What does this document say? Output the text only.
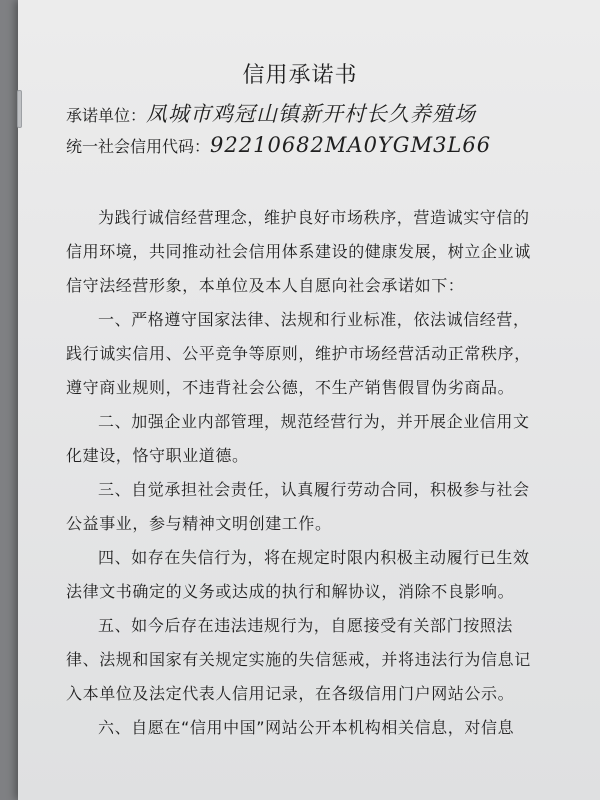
信用承诺书
承诺单位：凤城市鸡冠山镇新开村长久养殖场
统一社会信用代码：92210682MA0YGM3L66

为践行诚信经营理念，维护良好市场秩序，营造诚实守信的信用环境，共同推动社会信用体系建设的健康发展，树立企业诚信守法经营形象，本单位及本人自愿向社会承诺如下：

一、严格遵守国家法律、法规和行业标准，依法诚信经营，践行诚实信用、公平竞争等原则，维护市场经营活动正常秩序，遵守商业规则，不违背社会公德，不生产销售假冒伪劣商品。

二、加强企业内部管理，规范经营行为，并开展企业信用文化建设，恪守职业道德。

三、自觉承担社会责任，认真履行劳动合同，积极参与社会公益事业，参与精神文明创建工作。

四、如存在失信行为，将在规定时限内积极主动履行已生效法律文书确定的义务或达成的执行和解协议，消除不良影响。

五、如今后存在违法违规行为，自愿接受有关部门按照法律、法规和国家有关规定实施的失信惩戒，并将违法行为信息记入本单位及法定代表人信用记录，在各级信用门户网站公示。

六、自愿在“信用中国”网站公开本机构相关信息，对信息
